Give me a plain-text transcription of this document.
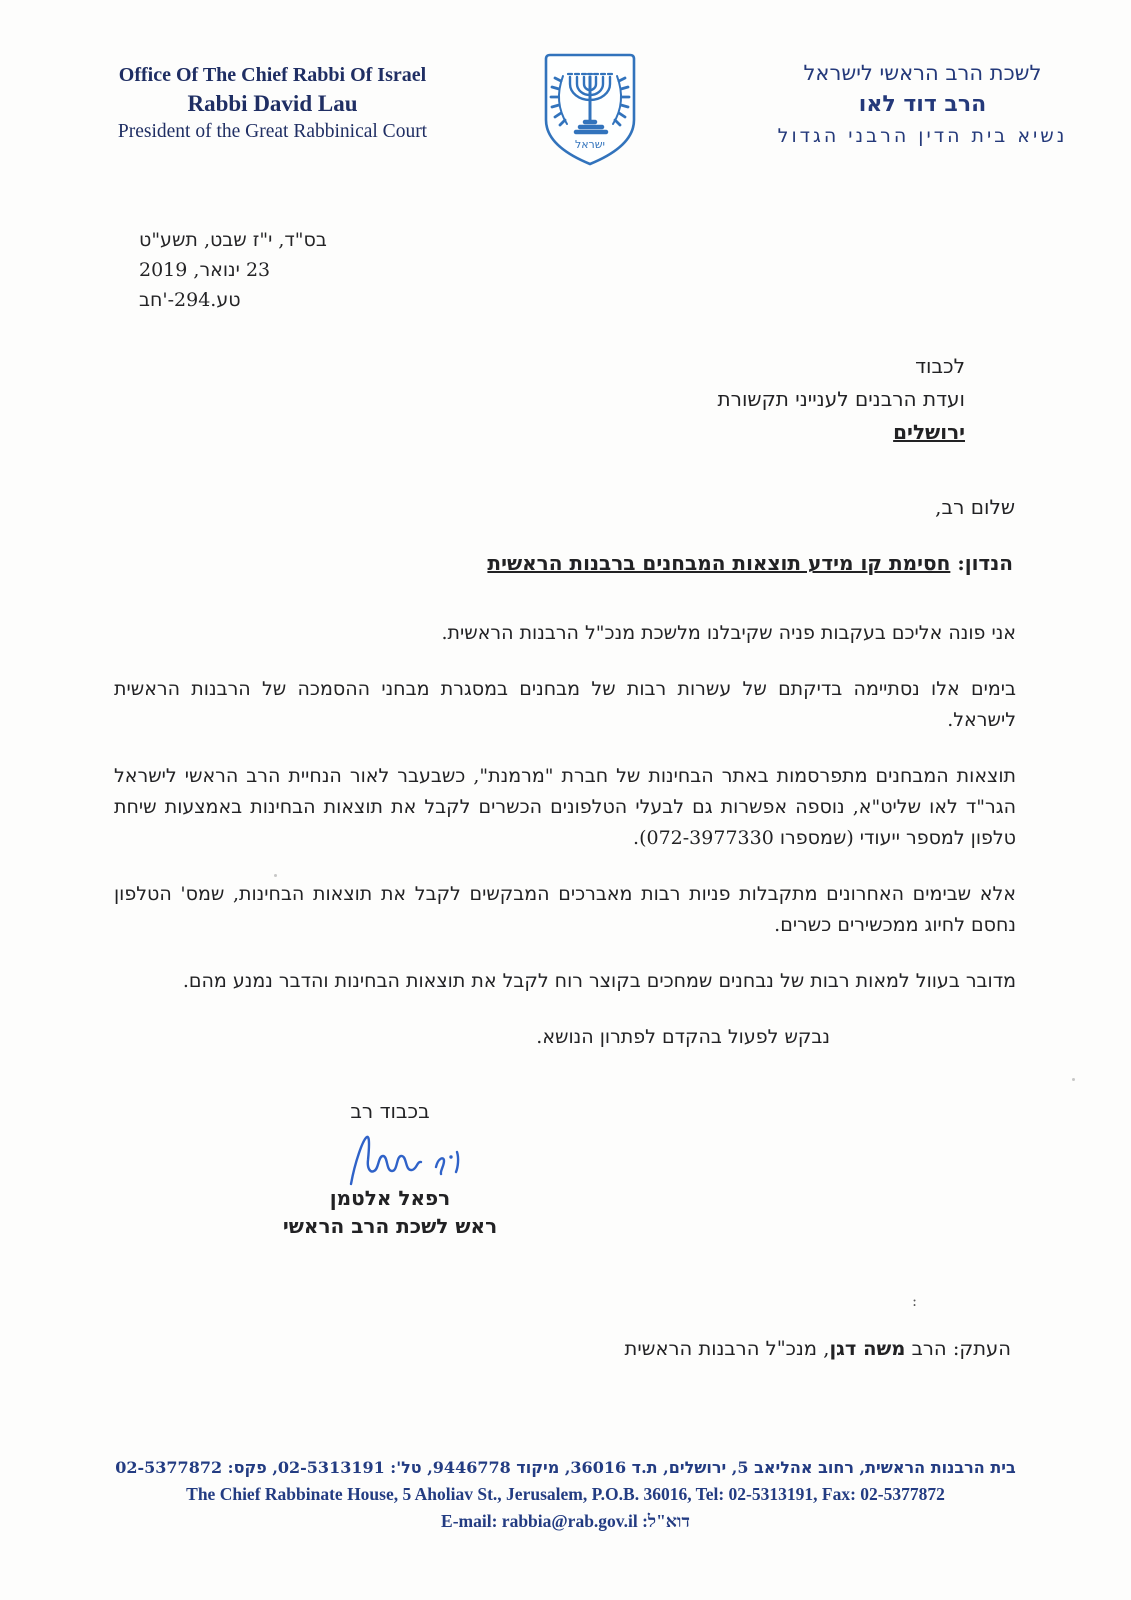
Office Of The Chief Rabbi Of Israel
Rabbi David Lau
President of the Great Rabbinical Court
ישראל
לשכת הרב הראשי לישראל
הרב דוד לאו
נשיא בית הדין הרבני הגדול
בס"ד, י"ז שבט, תשע"ט
23 ינואר, 2019
בח'-294.עט
לכבוד
ועדת הרבנים לענייני תקשורת
ירושלים
שלום רב,
הנדון: חסימת קו מידע תוצאות המבחנים ברבנות הראשית

אני פונה אליכם בעקבות פניה שקיבלנו מלשכת מנכ"ל הרבנות הראשית.

בימים אלו נסתיימה בדיקתם של עשרות רבות של מבחנים במסגרת מבחני ההסמכה של הרבנות הראשית לישראל.

תוצאות המבחנים מתפרסמות באתר הבחינות של חברת "מרמנת", כשבעבר לאור הנחיית הרב הראשי לישראל הגר"ד לאו שליט"א, נוספה אפשרות גם לבעלי הטלפונים הכשרים לקבל את תוצאות הבחינות באמצעות שיחת טלפון למספר ייעודי (שמספרו 072-3977330).

אלא שבימים האחרונים מתקבלות פניות רבות מאברכים המבקשים לקבל את תוצאות הבחינות, שמס' הטלפון נחסם לחיוג ממכשירים כשרים.

מדובר בעוול למאות רבות של נבחנים שמחכים בקוצר רוח לקבל את תוצאות הבחינות והדבר נמנע מהם.

נבקש לפעול בהקדם לפתרון הנושא.

בכבוד רב
רפאל אלטמן
ראש לשכת הרב הראשי
:
העתק: הרב משה דגן, מנכ"ל הרבנות הראשית
בית הרבנות הראשית, רחוב אהליאב 5, ירושלים, ת.ד 36016, מיקוד 9446778, טל': 02-5313191, פקס: 02-5377872
The Chief Rabbinate House, 5 Aholiav St., Jerusalem, P.O.B. 36016, Tel: 02-5313191, Fax: 02-5377872
דוא"ל: E-mail: rabbia@rab.gov.il
